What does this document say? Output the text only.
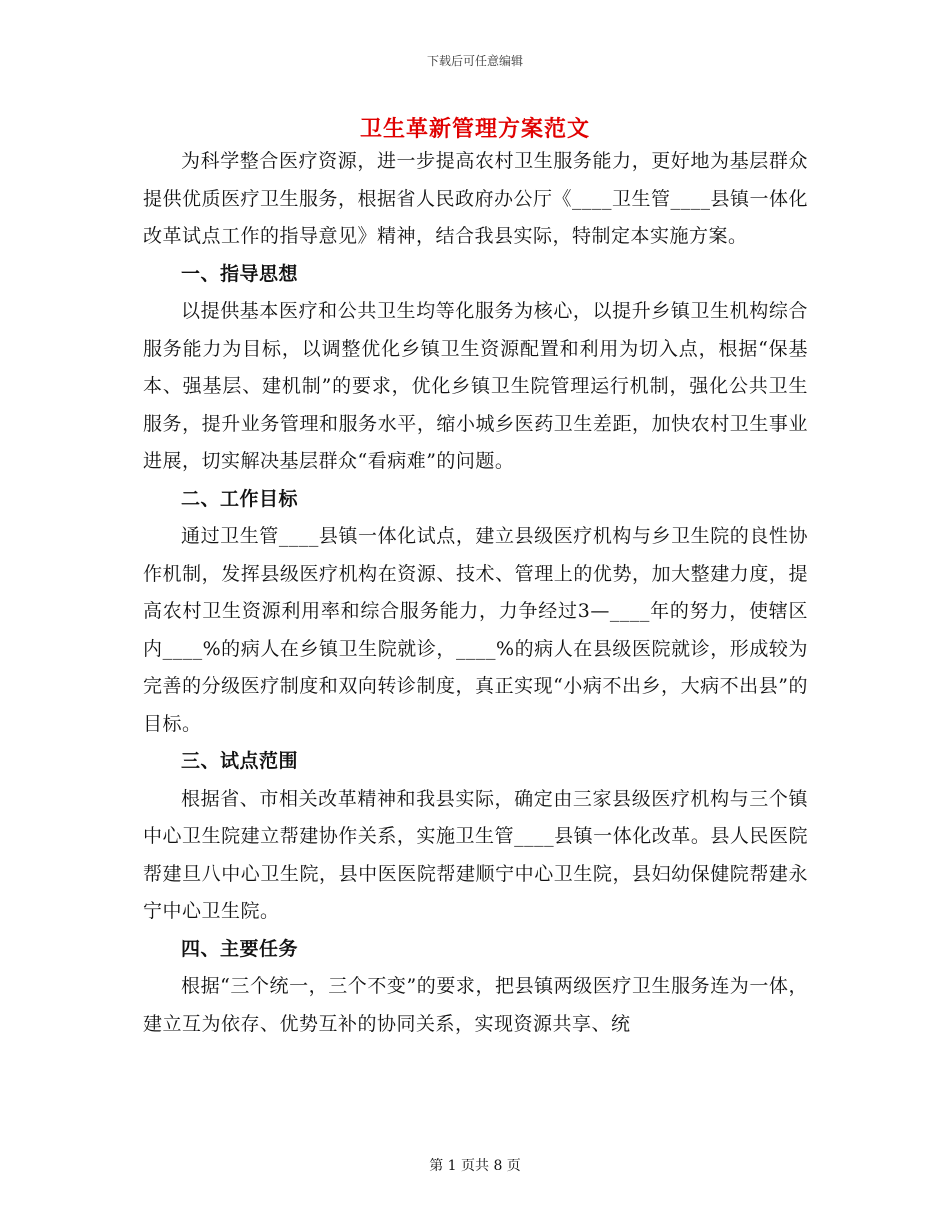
下载后可任意编辑
卫生革新管理方案范文

为科学整合医疗资源，进一步提高农村卫生服务能力，更好地为基层群众提供优质医疗卫生服务，根据省人民政府办公厅《____卫生管____县镇一体化改革试点工作的指导意见》精神，结合我县实际，特制定本实施方案。

一、指导思想

以提供基本医疗和公共卫生均等化服务为核心，以提升乡镇卫生机构综合服务能力为目标，以调整优化乡镇卫生资源配置和利用为切入点，根据“保基本、强基层、建机制”的要求，优化乡镇卫生院管理运行机制，强化公共卫生服务，提升业务管理和服务水平，缩小城乡医药卫生差距，加快农村卫生事业进展，切实解决基层群众“看病难”的问题。

二、工作目标

通过卫生管____县镇一体化试点，建立县级医疗机构与乡卫生院的良性协作机制，发挥县级医疗机构在资源、技术、管理上的优势，加大整建力度，提高农村卫生资源利用率和综合服务能力，力争经过3—____年的努力，使辖区内____%的病人在乡镇卫生院就诊，____%的病人在县级医院就诊，形成较为完善的分级医疗制度和双向转诊制度，真正实现“小病不出乡，大病不出县”的目标。

三、试点范围

根据省、市相关改革精神和我县实际，确定由三家县级医疗机构与三个镇中心卫生院建立帮建协作关系，实施卫生管____县镇一体化改革。县人民医院帮建旦八中心卫生院，县中医医院帮建顺宁中心卫生院，县妇幼保健院帮建永宁中心卫生院。

四、主要任务

根据“三个统一，三个不变”的要求，把县镇两级医疗卫生服务连为一体，建立互为依存、优势互补的协同关系，实现资源共享、统

第 1 页共 8 页
